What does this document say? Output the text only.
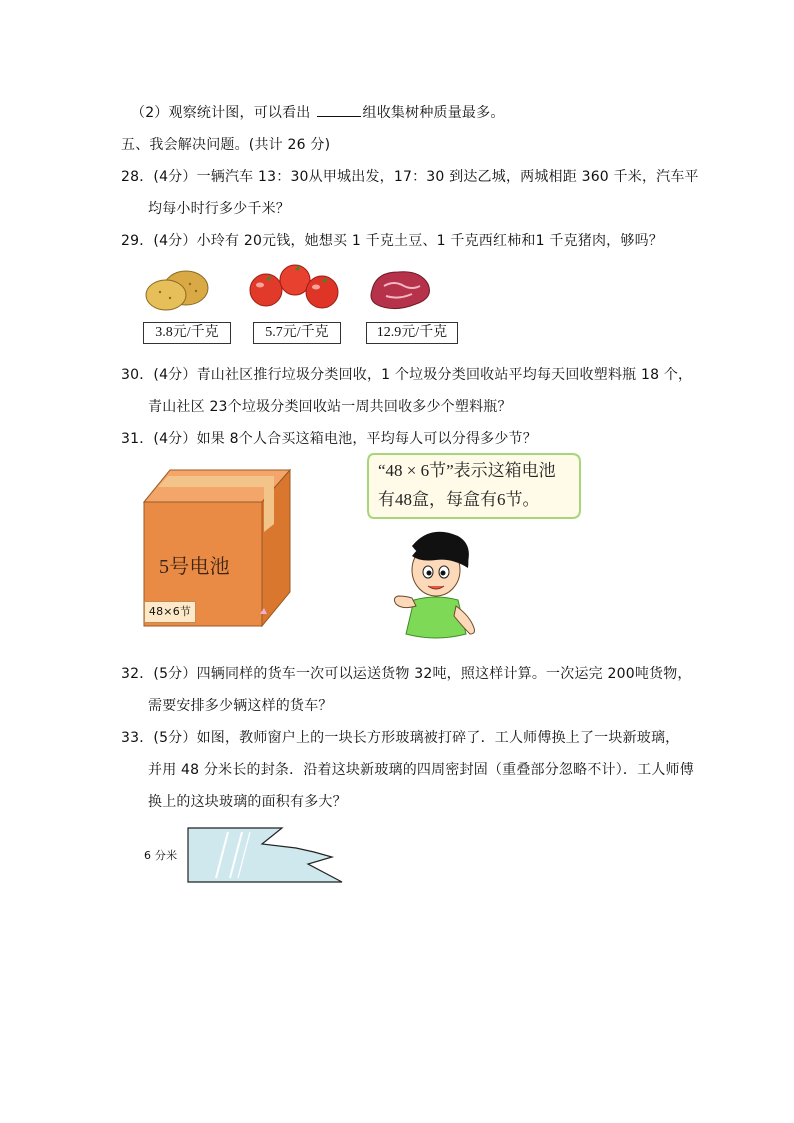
（2）观察统计图，可以看出	组收集树种质量最多。
五、我会解决问题。(共计 26 分)
28．(4分）一辆汽车 13：30从甲城出发，17：30 到达乙城，两城相距 360 千米，汽车平
均每小时行多少千米？
29．(4分）小玲有 20元钱，她想买 1 千克土豆、1 千克西红柿和1 千克猪肉，够吗？
3.8元/千克	5.7元/千克	12.9元/千克
30．(4分）青山社区推行垃圾分类回收，1 个垃圾分类回收站平均每天回收塑料瓶 18 个，
青山社区 23个垃圾分类回收站一周共回收多少个塑料瓶？
31．(4分）如果 8个人合买这箱电池，平均每人可以分得多少节？
5号电池
48×6节
“48 × 6节”表示这箱电池
有48盒，每盒有6节。
32．(5分）四辆同样的货车一次可以运送货物 32吨，照这样计算。一次运完 200吨货物，
需要安排多少辆这样的货车？
33．(5分）如图，教师窗户上的一块长方形玻璃被打碎了．工人师傅换上了一块新玻璃，
并用 48 分米长的封条．沿着这块新玻璃的四周密封固（重叠部分忽略不计）．工人师傅
换上的这块玻璃的面积有多大？
6 分米
